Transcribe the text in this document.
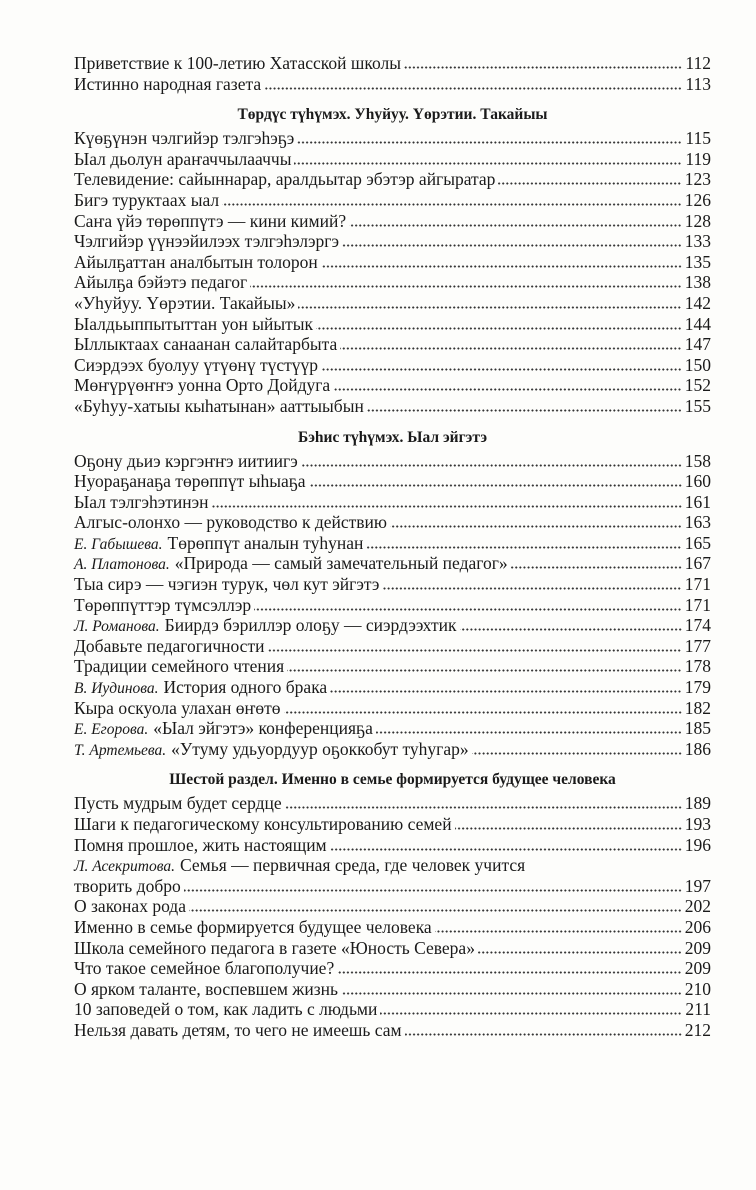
Приветствие к 100-летию Хатасской школы	112
Истинно народная газета	113
Төрдүс түһүмэх. Уһуйуу. Үөрэтии. Такайыы
Күөҕүнэн чэлгийэр тэлгэһэҕэ	115
Ыал дьолун араҥаччылааччы	119
Телевидение: сайыннарар, аралдьытар эбэтэр айгыратар	123
Бигэ туруктаах ыал	126
Саҥа үйэ төрөппүтэ — кини кимий?	128
Чэлгийэр үүнээйилээх тэлгэһэлэргэ	133
Айылҕаттан аналбытын толорон	135
Айылҕа бэйэтэ педагог	138
«Уһуйуу. Үөрэтии. Такайыы»	142
Ыалдьыппытыттан уон ыйытык	144
Ыллыктаах санаанан салайтарбыта	147
Сиэрдээх буолуу үтүөнү түстүүр	150
Мөҥүрүөҥҥэ уонна Орто Дойдуга	152
«Буһуу-хатыы кыһатынан» ааттыыбын	155
Бэһис түһүмэх. Ыал эйгэтэ
Оҕону дьиэ кэргэҥҥэ иитиигэ	158
Нуораҕанаҕа төрөппүт ыһыаҕа	160
Ыал тэлгэһэтинэн	161
Алгыс-олонхо — руководство к действию	163
Е. Габышева. Төрөппүт аналын туһунан	165
А. Платонова. «Природа — самый замечательный педагог»	167
Тыа сирэ — чэгиэн турук, чөл кут эйгэтэ	171
Төрөппүттэр түмсэллэр	171
Л. Романова. Биирдэ бэриллэр олоҕу — сиэрдээхтик	174
Добавьте педагогичности	177
Традиции семейного чтения	178
В. Иудинова. История одного брака	179
Кыра оскуола улахан өҥөтө	182
Е. Егорова. «Ыал эйгэтэ» конференцияҕа	185
Т. Артемьева. «Утуму удьуордуур оҕоккобут туһугар»	186
Шестой раздел. Именно в семье формируется будущее человека
Пусть мудрым будет сердце	189
Шаги к педагогическому консультированию семей	193
Помня прошлое, жить настоящим	196
Л. Асекритова. Семья — первичная среда, где человек учится
творить добро	197
О законах рода	202
Именно в семье формируется будущее человека	206
Школа семейного педагога в газете «Юность Севера»	209
Что такое семейное благополучие?	209
О ярком таланте, воспевшем жизнь	210
10 заповедей о том, как ладить с людьми	211
Нельзя давать детям, то чего не имеешь сам	212
